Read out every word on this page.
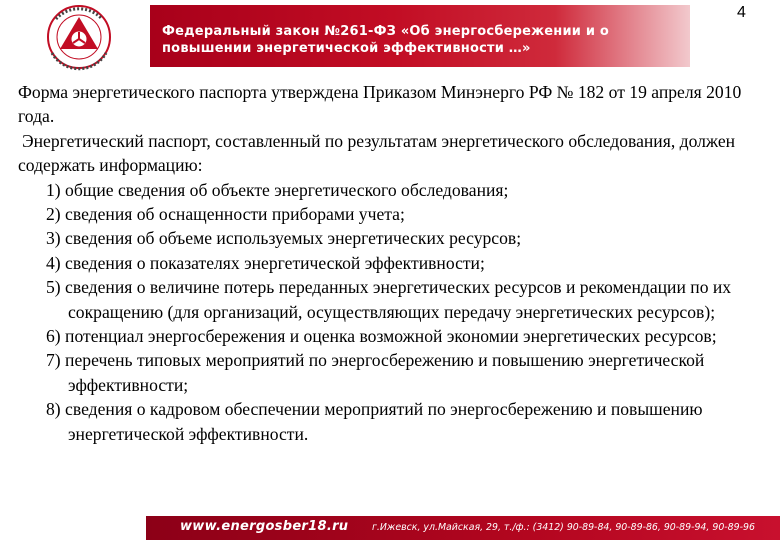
Федеральный закон №261-ФЗ «Об энергосбережении и о повышении энергетической эффективности …»
4

Форма энергетического паспорта утверждена Приказом Минэнерго РФ № 182 от 19 апреля 2010 года.

Энергетический паспорт, составленный по результатам энергетического обследования, должен содержать информацию:

1) общие сведения об объекте энергетического обследования;
2) сведения об оснащенности приборами учета;
3) сведения об объеме используемых энергетических ресурсов;
4) сведения о показателях энергетической эффективности;
5) сведения о величине потерь переданных энергетических ресурсов и рекомендации по их сокращению (для организаций, осуществляющих передачу энергетических ресурсов);
6) потенциал энергосбережения и оценка возможной экономии энергетических ресурсов;
7) перечень типовых мероприятий по энергосбережению и повышению энергетической эффективности;
8) сведения о кадровом обеспечении мероприятий по энергосбережению и повышению энергетической эффективности.
www.energosber18.ru	г.Ижевск, ул.Майская, 29, т./ф.: (3412) 90-89-84, 90-89-86, 90-89-94, 90-89-96
